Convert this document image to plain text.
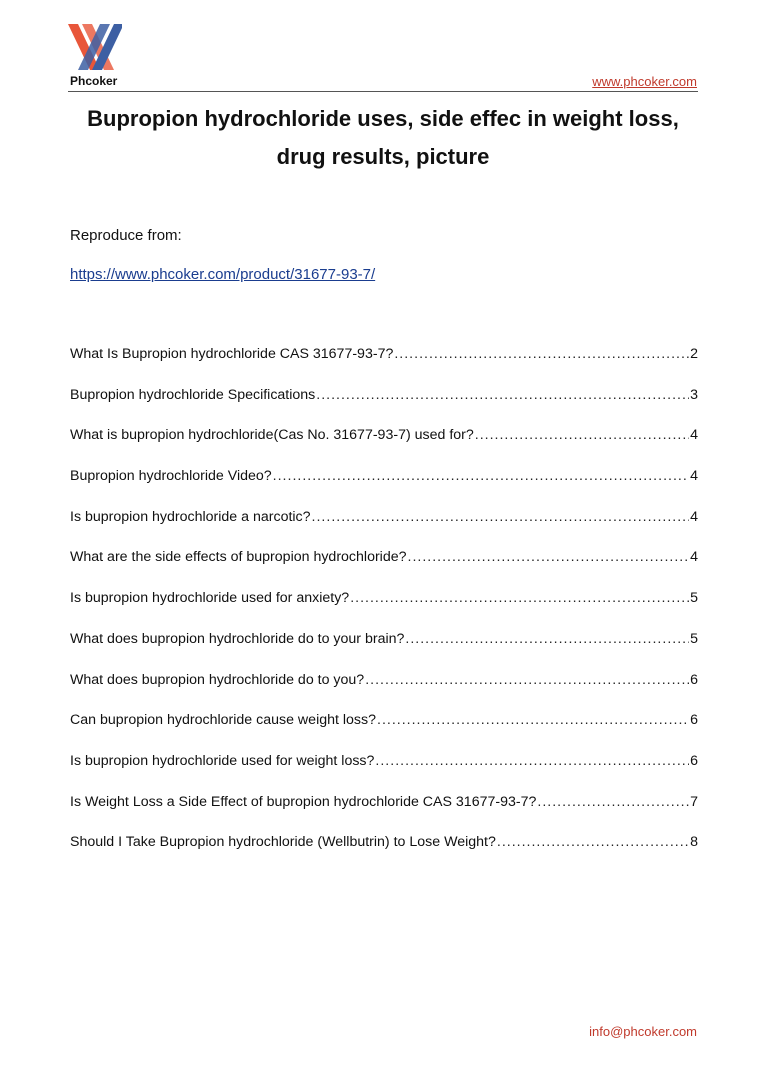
Phcoker	www.phcoker.com
Bupropion hydrochloride uses, side effec in weight loss, drug results, picture
Reproduce from:
https://www.phcoker.com/product/31677-93-7/
What Is Bupropion hydrochloride CAS 31677-93-7? .....	2
Bupropion hydrochloride Specifications .....	3
What is bupropion hydrochloride(Cas No. 31677-93-7) used for? .....	4
Bupropion hydrochloride Video? .....	4
Is bupropion hydrochloride a narcotic? .....	4
What are the side effects of bupropion hydrochloride? .....	4
Is bupropion hydrochloride used for anxiety? .....	5
What does bupropion hydrochloride do to your brain? .....	5
What does bupropion hydrochloride do to you? .....	6
Can bupropion hydrochloride cause weight loss? .....	6
Is bupropion hydrochloride used for weight loss? .....	6
Is Weight Loss a Side Effect of bupropion hydrochloride CAS 31677-93-7? .....	7
Should I Take Bupropion hydrochloride (Wellbutrin) to Lose Weight? .....	8
info@phcoker.com
